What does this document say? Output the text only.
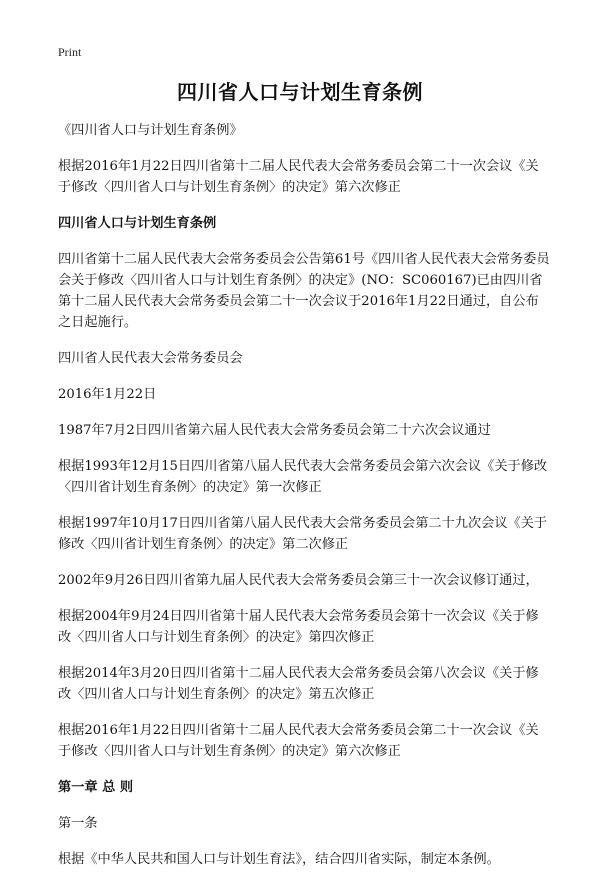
Print
四川省人口与计划生育条例

《四川省人口与计划生育条例》

根据2016年1月22日四川省第十二届人民代表大会常务委员会第二十一次会议《关于修改〈四川省人口与计划生育条例〉的决定》第六次修正

四川省人口与计划生育条例

四川省第十二届人民代表大会常务委员会公告第61号《四川省人民代表大会常务委员会关于修改〈四川省人口与计划生育条例〉的决定》(NO：SC060167)已由四川省第十二届人民代表大会常务委员会第二十一次会议于2016年1月22日通过，自公布之日起施行。

四川省人民代表大会常务委员会

2016年1月22日

1987年7月2日四川省第六届人民代表大会常务委员会第二十六次会议通过

根据1993年12月15日四川省第八届人民代表大会常务委员会第六次会议《关于修改〈四川省计划生育条例〉的决定》第一次修正

根据1997年10月17日四川省第八届人民代表大会常务委员会第二十九次会议《关于修改〈四川省计划生育条例〉的决定》第二次修正

2002年9月26日四川省第九届人民代表大会常务委员会第三十一次会议修订通过，

根据2004年9月24日四川省第十届人民代表大会常务委员会第十一次会议《关于修改〈四川省人口与计划生育条例〉的决定》第四次修正

根据2014年3月20日四川省第十二届人民代表大会常务委员会第八次会议《关于修改〈四川省人口与计划生育条例〉的决定》第五次修正

根据2016年1月22日四川省第十二届人民代表大会常务委员会第二十一次会议《关于修改〈四川省人口与计划生育条例〉的决定》第六次修正

第一章 总 则

第一条

根据《中华人民共和国人口与计划生育法》，结合四川省实际，制定本条例。
